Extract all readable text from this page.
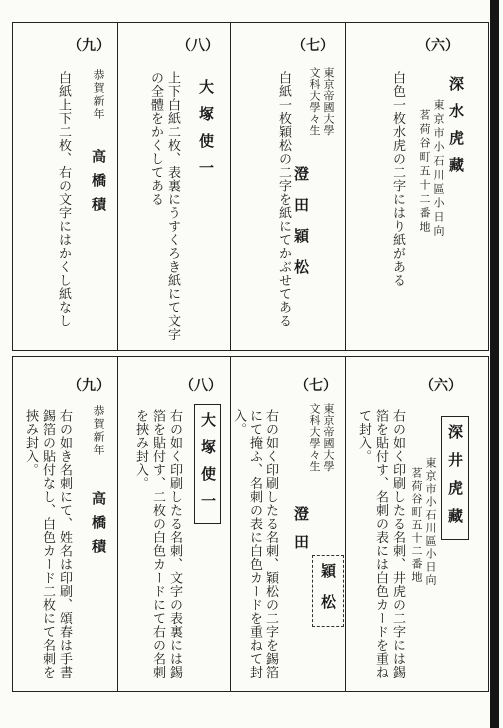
（九）
恭賀新年
高橋積
白紙上下二枚、右の文字にはかくし紙なし
（八）
大塚使一
上下白紙二枚、表裏にうすくろき紙にて文字
の全體をかくしてある
（七）
東京帝國大學
文科大學々生
澄田穎松
白紙一枚穎松の二字を紙にてかぶせてある
（六）
深水虎藏
東京市小石川區小日向
茗荷谷町五十二番地
白色一枚水虎の二字にはり紙がある
（九）
恭賀新年
高橋積
右の如き名刺にて、姓名は印刷、頌春は手書
錫箔の貼付なし、白色カード二枚にて名刺を
挾み封入。
（八）
大塚使一
右の如く印刷したる名刺、文字の表裏には錫
箔を貼付す、二枚の白色カードにて右の名刺
を挾み封入。
（七）
東京帝國大學
文科大學々生
澄田
穎松
右の如く印刷したる名刺、穎松の二字を錫箔
にて掩ふ、名刺の表に白色カードを重ねて封
入。
（六）
深井虎藏
東京市小石川區小日向
茗荷谷町五十二番地
右の如く印刷したる名刺、井虎の二字には錫
箔を貼付す、名刺の表には白色カードを重ね
て封入。
